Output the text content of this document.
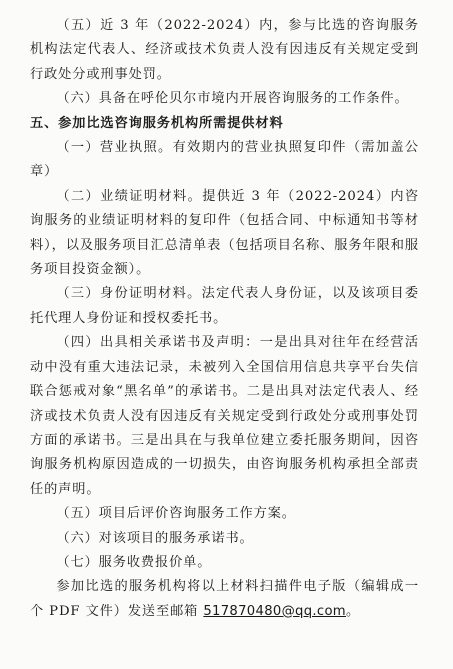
（五）近 3 年（2022-2024）内，参与比选的咨询服务机构法定代表人、经济或技术负责人没有因违反有关规定受到行政处分或刑事处罚。

（六）具备在呼伦贝尔市境内开展咨询服务的工作条件。

五、参加比选咨询服务机构所需提供材料

（一）营业执照。有效期内的营业执照复印件（需加盖公章）

（二）业绩证明材料。提供近 3 年（2022-2024）内咨询服务的业绩证明材料的复印件（包括合同、中标通知书等材料），以及服务项目汇总清单表（包括项目名称、服务年限和服务项目投资金额）。

（三）身份证明材料。法定代表人身份证，以及该项目委托代理人身份证和授权委托书。

（四）出具相关承诺书及声明：一是出具对往年在经营活动中没有重大违法记录，未被列入全国信用信息共享平台失信联合惩戒对象“黑名单”的承诺书。二是出具对法定代表人、经济或技术负责人没有因违反有关规定受到行政处分或刑事处罚方面的承诺书。三是出具在与我单位建立委托服务期间，因咨询服务机构原因造成的一切损失，由咨询服务机构承担全部责任的声明。

（五）项目后评价咨询服务工作方案。

（六）对该项目的服务承诺书。

（七）服务收费报价单。

参加比选的服务机构将以上材料扫描件电子版（编辑成一个 PDF 文件）发送至邮箱 517870480@qq.com。
